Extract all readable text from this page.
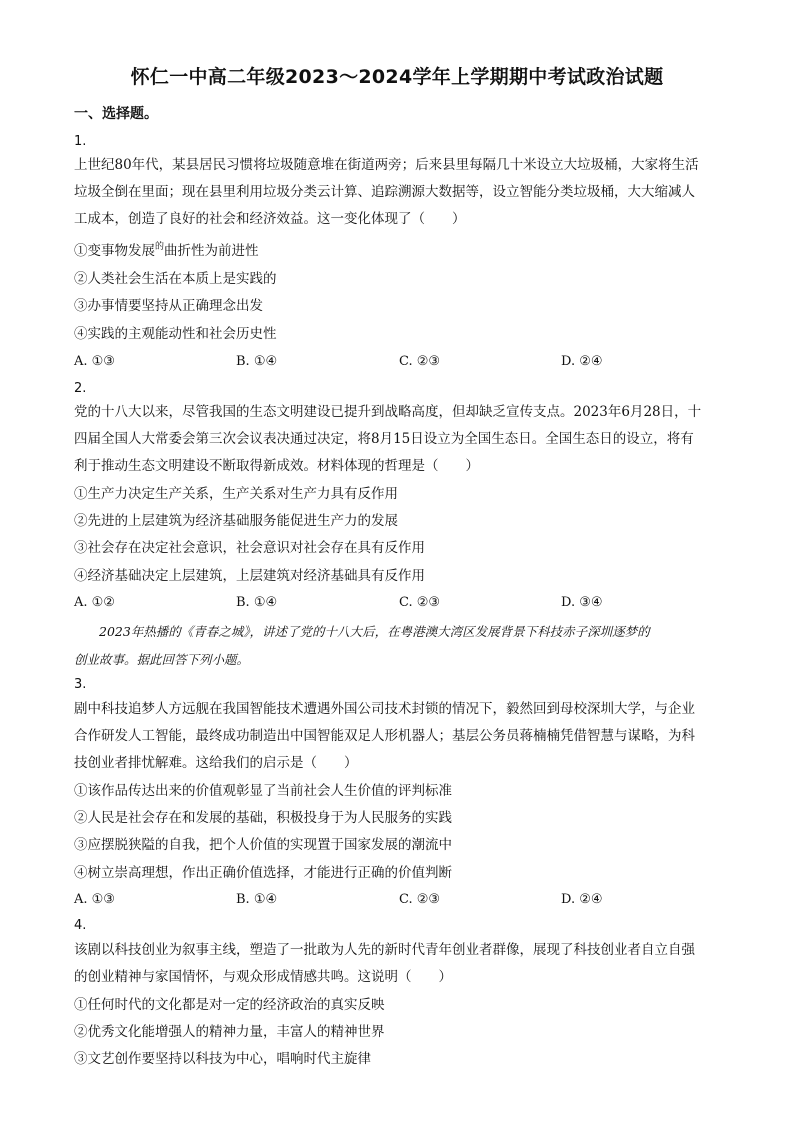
怀仁一中高二年级2023～2024学年上学期期中考试政治试题
一、选择题。
1.
上世纪80年代，某县居民习惯将垃圾随意堆在街道两旁；后来县里每隔几十米设立大垃圾桶，大家将生活
垃圾全倒在里面；现在县里利用垃圾分类云计算、追踪溯源大数据等，设立智能分类垃圾桶，大大缩减人
工成本，创造了良好的社会和经济效益。这一变化体现了（　　）
①变事物发展$^的$曲折性为前进性
②人类社会生活在本质上是实践的
③办事情要坚持从正确理念出发
④实践的主观能动性和社会历史性
A. ①③	B. ①④	C. ②③	D. ②④
2.
党的十八大以来，尽管我国的生态文明建设已提升到战略高度，但却缺乏宣传支点。2023年6月28日，十
四届全国人大常委会第三次会议表决通过决定，将8月15日设立为全国生态日。全国生态日的设立，将有
利于推动生态文明建设不断取得新成效。材料体现的哲理是（　　）
①生产力决定生产关系，生产关系对生产力具有反作用
②先进的上层建筑为经济基础服务能促进生产力的发展
③社会存在决定社会意识，社会意识对社会存在具有反作用
④经济基础决定上层建筑，上层建筑对经济基础具有反作用
A. ①②	B. ①④	C. ②③	D. ③④
　　2023年热播的《青春之城》，讲述了党的十八大后，在粤港澳大湾区发展背景下科技赤子深圳逐梦的
创业故事。据此回答下列小题。
3.
剧中科技追梦人方远舰在我国智能技术遭遇外国公司技术封锁的情况下，毅然回到母校深圳大学，与企业
合作研发人工智能，最终成功制造出中国智能双足人形机器人；基层公务员蒋楠楠凭借智慧与谋略，为科
技创业者排忧解难。这给我们的启示是（　　）
①该作品传达出来的价值观彰显了当前社会人生价值的评判标准
②人民是社会存在和发展的基础，积极投身于为人民服务的实践
③应摆脱狭隘的自我，把个人价值的实现置于国家发展的潮流中
④树立崇高理想，作出正确价值选择，才能进行正确的价值判断
A. ①③	B. ①④	C. ②③	D. ②④
4.
该剧以科技创业为叙事主线，塑造了一批敢为人先的新时代青年创业者群像，展现了科技创业者自立自强
的创业精神与家国情怀，与观众形成情感共鸣。这说明（　　）
①任何时代的文化都是对一定的经济政治的真实反映
②优秀文化能增强人的精神力量，丰富人的精神世界
③文艺创作要坚持以科技为中心，唱响时代主旋律
